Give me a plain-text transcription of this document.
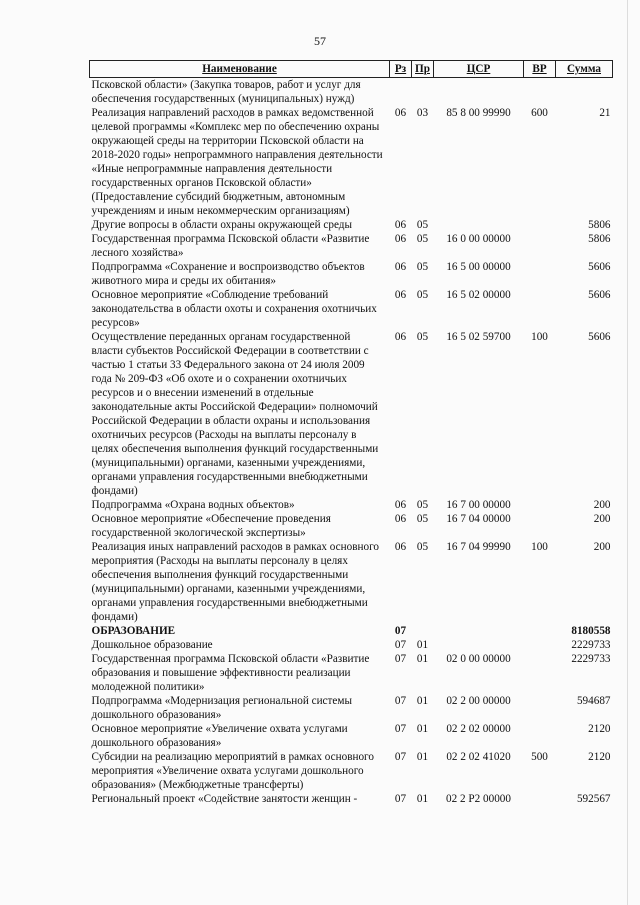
57
Наименование	Рз	Пр	ЦСР	ВР	Сумма
Псковской области» (Закупка товаров, работ и услуг для обеспечения государственных (муниципальных) нужд)					
Реализация направлений расходов в рамках ведомственной целевой программы «Комплекс мер по обеспечению охраны окружающей среды на территории Псковской области на 2018-2020 годы» непрограммного направления деятельности «Иные непрограммные направления деятельности государственных органов Псковской области» (Предоставление субсидий бюджетным, автономным учреждениям и иным некоммерческим организациям)	06	03	85 8 00 99990	600	21
Другие вопросы в области охраны окружающей среды	06	05			5806
Государственная программа Псковской области «Развитие лесного хозяйства»	06	05	16 0 00 00000		5806
Подпрограмма «Сохранение и воспроизводство объектов животного мира и среды их обитания»	06	05	16 5 00 00000		5606
Основное мероприятие «Соблюдение требований законодательства в области охоты и сохранения охотничьих ресурсов»	06	05	16 5 02 00000		5606
Осуществление переданных органам государственной власти субъектов Российской Федерации в соответствии с частью 1 статьи 33 Федерального закона от 24 июля 2009 года № 209-ФЗ «Об охоте и о сохранении охотничьих ресурсов и о внесении изменений в отдельные законодательные акты Российской Федерации» полномочий Российской Федерации в области охраны и использования охотничьих ресурсов (Расходы на выплаты персоналу в целях обеспечения выполнения функций государственными (муниципальными) органами, казенными учреждениями, органами управления государственными внебюджетными фондами)	06	05	16 5 02 59700	100	5606
Подпрограмма «Охрана водных объектов»	06	05	16 7 00 00000		200
Основное мероприятие «Обеспечение проведения государственной экологической экспертизы»	06	05	16 7 04 00000		200
Реализация иных направлений расходов в рамках основного мероприятия (Расходы на выплаты персоналу в целях обеспечения выполнения функций государственными (муниципальными) органами, казенными учреждениями, органами управления государственными внебюджетными фондами)	06	05	16 7 04 99990	100	200
ОБРАЗОВАНИЕ	07				8180558
Дошкольное образование	07	01			2229733
Государственная программа Псковской области «Развитие образования и повышение эффективности реализации молодежной политики»	07	01	02 0 00 00000		2229733
Подпрограмма «Модернизация региональной системы дошкольного образования»	07	01	02 2 00 00000		594687
Основное мероприятие «Увеличение охвата услугами дошкольного образования»	07	01	02 2 02 00000		2120
Субсидии на реализацию мероприятий в рамках основного мероприятия «Увеличение охвата услугами дошкольного образования» (Межбюджетные трансферты)	07	01	02 2 02 41020	500	2120
Региональный проект «Содействие занятости женщин -	07	01	02 2 P2 00000		592567
